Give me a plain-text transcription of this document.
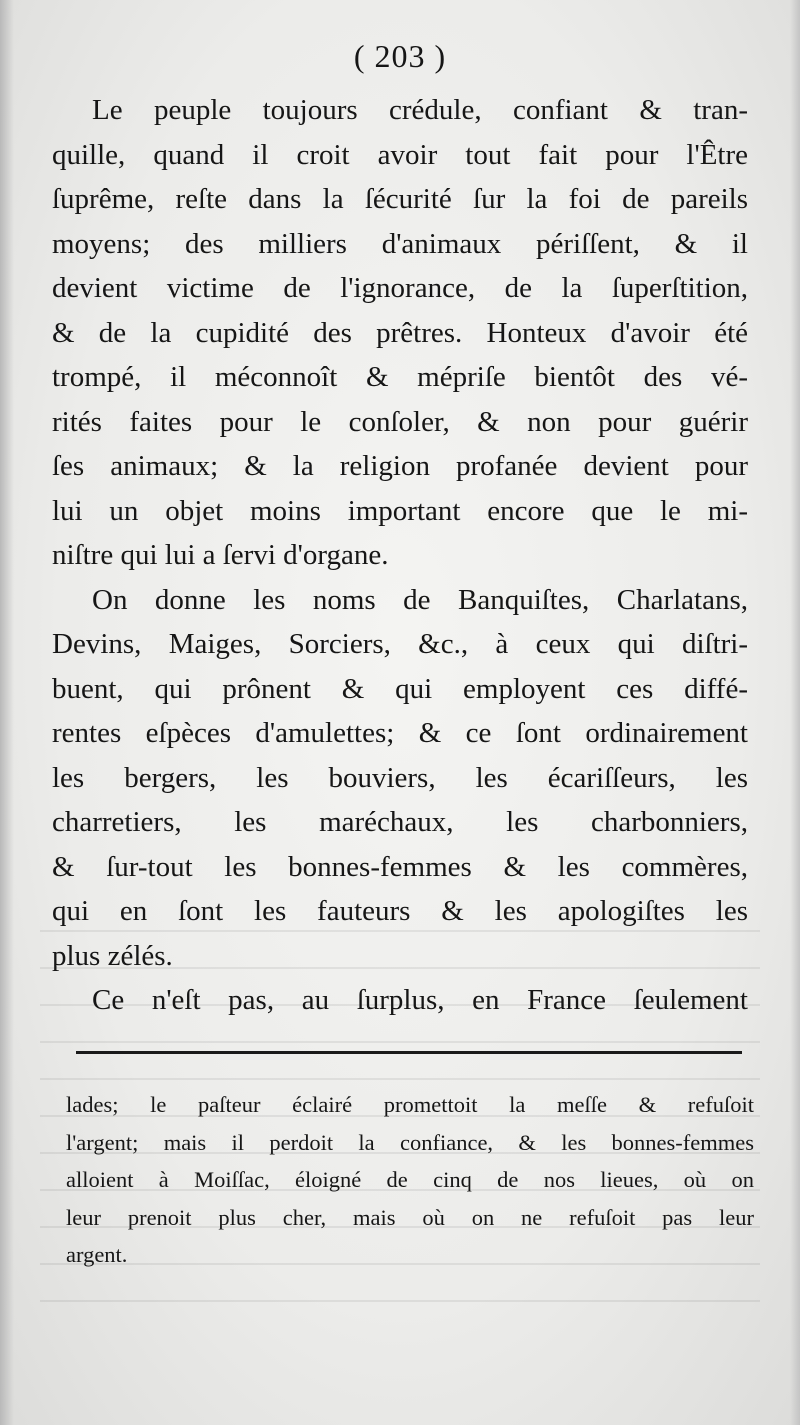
( 203 )

Le peuple toujours crédule, confiant & tran-
quille, quand il croit avoir tout fait pour l'Être
ſuprême, reſte dans la ſécurité ſur la foi de pareils
moyens; des milliers d'animaux périſſent, & il
devient victime de l'ignorance, de la ſuperſtition,
& de la cupidité des prêtres. Honteux d'avoir été
trompé, il méconnoît & mépriſe bientôt des vé-
rités faites pour le conſoler, & non pour guérir
ſes animaux; & la religion profanée devient pour
lui un objet moins important encore que le mi-
niſtre qui lui a ſervi d'organe.

On donne les noms de Banquiſtes, Charlatans,
Devins, Maiges, Sorciers, &c., à ceux qui diſtri-
buent, qui prônent & qui employent ces diffé-
rentes eſpèces d'amulettes; & ce ſont ordinairement
les bergers, les bouviers, les écariſſeurs, les
charretiers, les maréchaux, les charbonniers,
& ſur-tout les bonnes-femmes & les commères,
qui en ſont les fauteurs & les apologiſtes les
plus zélés.

Ce n'eſt pas, au ſurplus, en France ſeulement

lades; le paſteur éclairé promettoit la meſſe & refuſoit
l'argent; mais il perdoit la confiance, & les bonnes-femmes
alloient à Moiſſac, éloigné de cinq de nos lieues, où on
leur prenoit plus cher, mais où on ne refuſoit pas leur
argent.
